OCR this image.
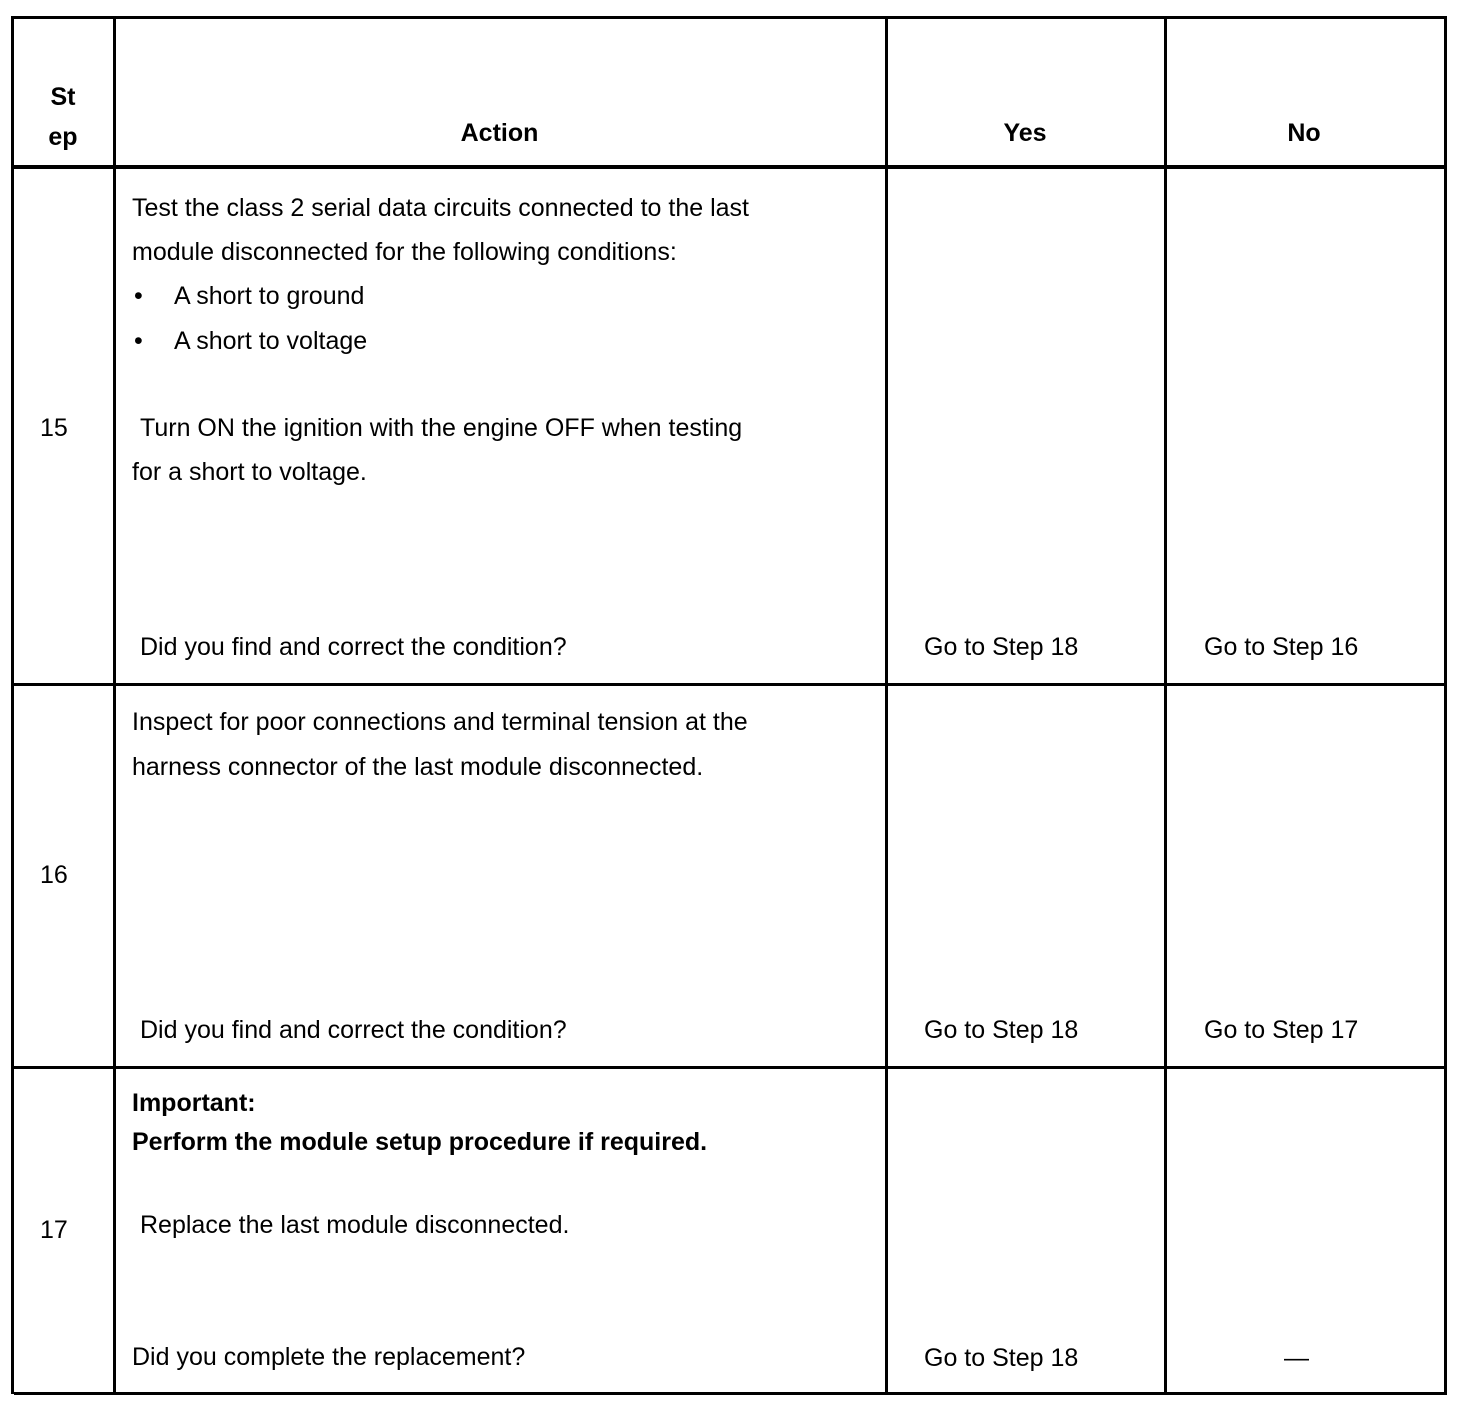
St
ep	Action	Yes	No
15
Test the class 2 serial data circuits connected to the last
module disconnected for the following conditions:
• A short to ground
• A short to voltage
Turn ON the ignition with the engine OFF when testing
for a short to voltage.
Did you find and correct the condition?	Go to Step 18	Go to Step 16
16
Inspect for poor connections and terminal tension at the
harness connector of the last module disconnected.
Did you find and correct the condition?	Go to Step 18	Go to Step 17
17
Important:
Perform the module setup procedure if required.
Replace the last module disconnected.
Did you complete the replacement?	Go to Step 18	—
